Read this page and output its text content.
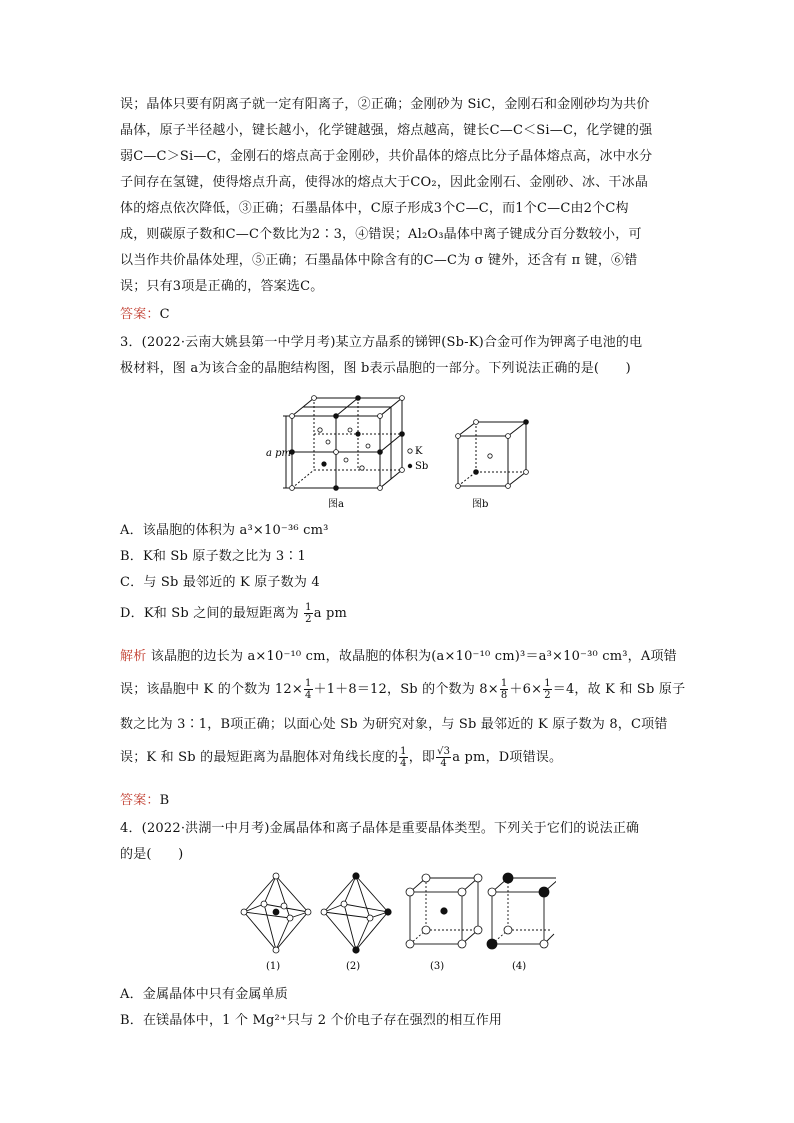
误；晶体只要有阴离子就一定有阳离子，②正确；金刚砂为 SiC，金刚石和金刚砂均为共价
晶体，原子半径越小，键长越小，化学键越强，熔点越高，键长C—C＜Si—C，化学键的强
弱C—C＞Si—C，金刚石的熔点高于金刚砂，共价晶体的熔点比分子晶体熔点高，冰中水分
子间存在氢键，使得熔点升高，使得冰的熔点大于CO₂，因此金刚石、金刚砂、冰、干冰晶
体的熔点依次降低，③正确；石墨晶体中，C原子形成3个C—C，而1个C—C由2个C构
成，则碳原子数和C—C个数比为2∶3，④错误；Al₂O₃晶体中离子键成分百分数较小，可
以当作共价晶体处理，⑤正确；石墨晶体中除含有的C—C为 σ 键外，还含有 π 键，⑥错
误；只有3项是正确的，答案选C。
答案：C
3．(2022·云南大姚县第一中学月考)某立方晶系的锑钾(Sb-K)合金可作为钾离子电池的电
极材料，图 a为该合金的晶胞结构图，图 b表示晶胞的一部分。下列说法正确的是(　　)
a pm	K
Sb
图a	图b
A．该晶胞的体积为 a³×10⁻³⁶ cm³
B．K和 Sb 原子数之比为 3∶1
C．与 Sb 最邻近的 K 原子数为 4
D．K和 Sb 之间的最短距离为 $\frac{1}{2}$ a pm
解析 该晶胞的边长为 a×10⁻¹⁰ cm，故晶胞的体积为(a×10⁻¹⁰ cm)³＝a³×10⁻³⁰ cm³，A项错
误；该晶胞中 K 的个数为 $12\times \frac{1}{4} +1+8=12$，Sb 的个数为 $8\times \frac{1}{8} +6\times \frac{1}{2} =4$，故 K 和 Sb 原子
数之比为 3∶1，B项正确；以面心处 Sb 为研究对象，与 Sb 最邻近的 K 原子数为 8，C项错
误；K 和 Sb 的最短距离为晶胞体对角线长度的 $\frac{1}{4}$ ，即 $\frac{√3}{4}$ a pm，D项错误。
答案：B
4．(2022·洪湖一中月考)金属晶体和离子晶体是重要晶体类型。下列关于它们的说法正确
的是(　　)
(1)	(2)	(3)	(4)
A．金属晶体中只有金属单质
B．在镁晶体中，1 个 Mg²⁺只与 2 个价电子存在强烈的相互作用
